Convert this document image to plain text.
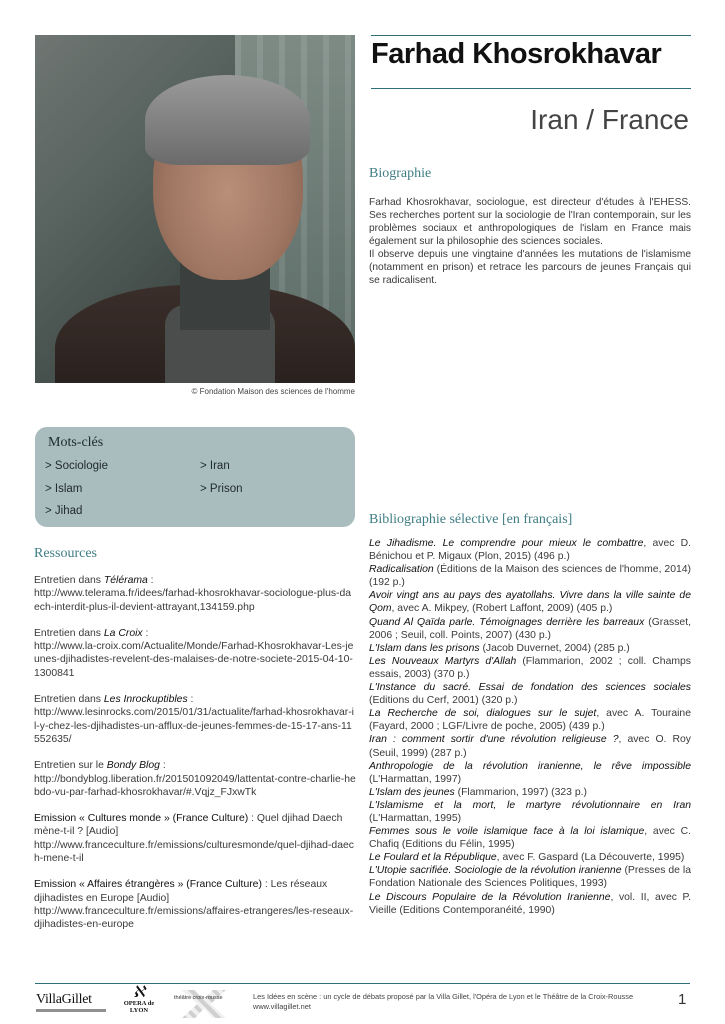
© Fondation Maison des sciences de l'homme
Farhad Khosrokhavar
Iran / France
Biographie

Farhad Khosrokhavar, sociologue, est directeur d'études à l'EHESS. Ses recherches portent sur la sociologie de l'Iran contemporain, sur les problèmes sociaux et anthropologiques de l'islam en France mais également sur la philosophie des sciences sociales.

Il observe depuis une vingtaine d'années les mutations de l'islamisme (notamment en prison) et retrace les parcours de jeunes Français qui se radicalisent.

Mots-clés
> Sociologie	> Iran
> Islam	> Prison
> Jihad
Ressources
Entretien dans Télérama :
http://www.telerama.fr/idees/farhad-khosrokhavar-sociologue-plus-daech-interdit-plus-il-devient-attrayant,134159.php
Entretien dans La Croix :
http://www.la-croix.com/Actualite/Monde/Farhad-Khosrokhavar-Les-jeunes-djihadistes-revelent-des-malaises-de-notre-societe-2015-04-10-1300841
Entretien dans Les Inrockuptibles :
http://www.lesinrocks.com/2015/01/31/actualite/farhad-khosrokhavar-il-y-chez-les-djihadistes-un-afflux-de-jeunes-femmes-de-15-17-ans-11552635/
Entretien sur le Bondy Blog :
http://bondyblog.liberation.fr/201501092049/lattentat-contre-charlie-hebdo-vu-par-farhad-khosrokhavar/#.Vqjz_FJxwTk
Emission « Cultures monde » (France Culture) : Quel djihad Daech mène-t-il ? [Audio]
http://www.franceculture.fr/emissions/culturesmonde/quel-djihad-daech-mene-t-il
Emission « Affaires étrangères » (France Culture) : Les réseaux djihadistes en Europe [Audio]
http://www.franceculture.fr/emissions/affaires-etrangeres/les-reseaux-djihadistes-en-europe
Bibliographie sélective [en français]

Le Jihadisme. Le comprendre pour mieux le combattre, avec D. Bénichou et P. Migaux (Plon, 2015) (496 p.)

Radicalisation (Éditions de la Maison des sciences de l'homme, 2014) (192 p.)

Avoir vingt ans au pays des ayatollahs. Vivre dans la ville sainte de Qom, avec A. Mikpey, (Robert Laffont, 2009) (405 p.)

Quand Al Qaïda parle. Témoignages derrière les barreaux (Grasset, 2006 ; Seuil, coll. Points, 2007) (430 p.)

L'Islam dans les prisons (Jacob Duvernet, 2004) (285 p.)

Les Nouveaux Martyrs d'Allah (Flammarion, 2002 ; coll. Champs essais, 2003) (370 p.)

L'Instance du sacré. Essai de fondation des sciences sociales (Editions du Cerf, 2001) (320 p.)

La Recherche de soi, dialogues sur le sujet, avec A. Touraine (Fayard, 2000 ; LGF/Livre de poche, 2005) (439 p.)

Iran : comment sortir d'une révolution religieuse ?, avec O. Roy (Seuil, 1999) (287 p.)

Anthropologie de la révolution iranienne, le rêve impossible (L'Harmattan, 1997)

L'Islam des jeunes (Flammarion, 1997) (323 p.)

L'Islamisme et la mort, le martyre révolutionnaire en Iran (L'Harmattan, 1995)

Femmes sous le voile islamique face à la loi islamique, avec C. Chafiq (Editions du Félin, 1995)

Le Foulard et la République, avec F. Gaspard (La Découverte, 1995)

L'Utopie sacrifiée. Sociologie de la révolution iranienne (Presses de la Fondation Nationale des Sciences Politiques, 1993)

Le Discours Populaire de la Révolution Iranienne, vol. II, avec P. Vieille (Editions Contemporanéité, 1990)

VillaGillet	ℵ
OPERA de LYON
théâtre croix-rousse	Les Idées en scène : un cycle de débats proposé par la Villa Gillet, l'Opéra de Lyon et le Théâtre de la Croix-Rousse
www.villagillet.net	1
